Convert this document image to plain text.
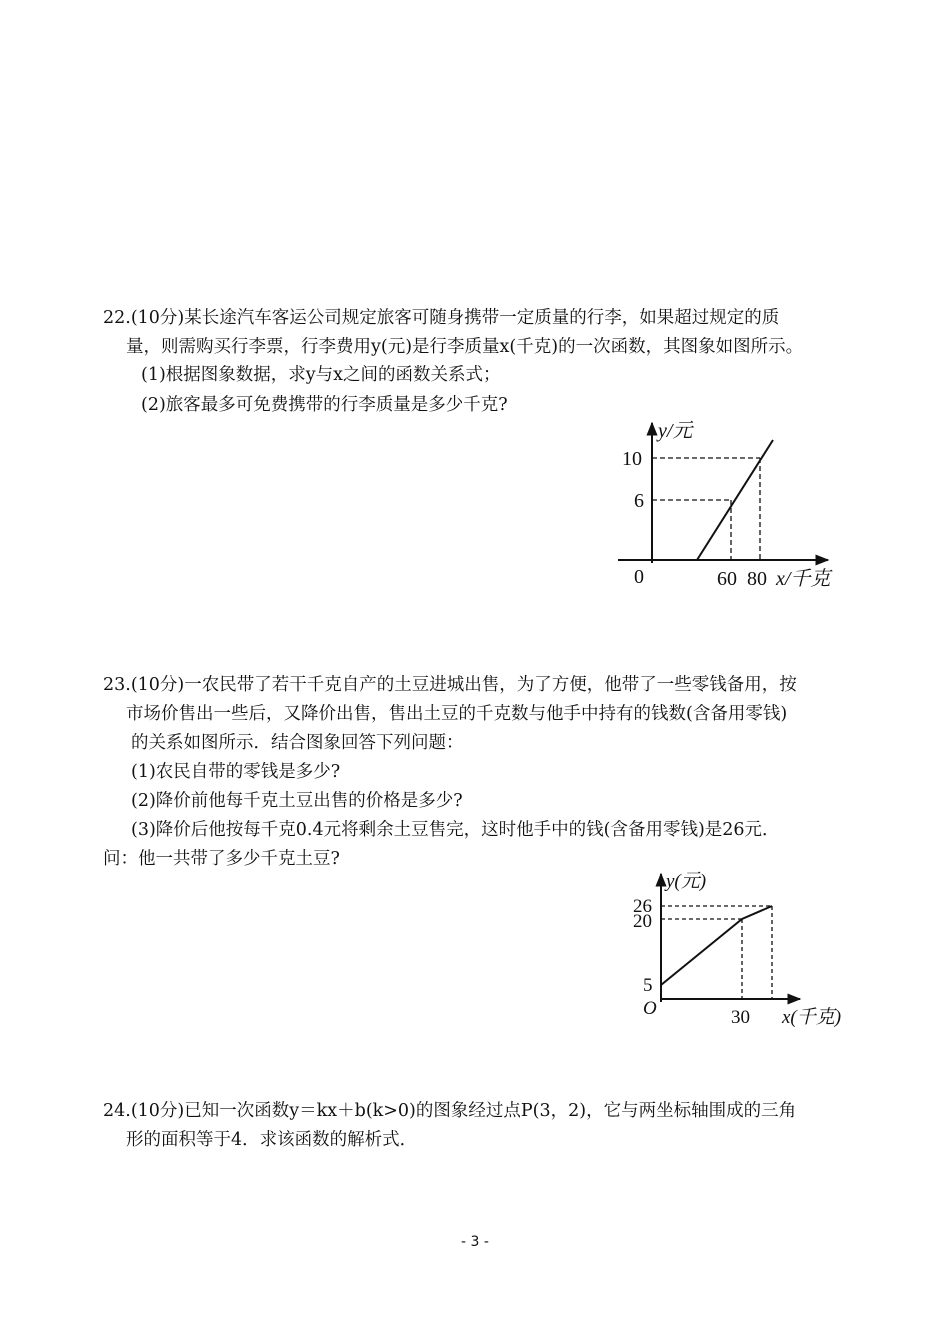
22.(10分)某长途汽车客运公司规定旅客可随身携带一定质量的行李，如果超过规定的质
量，则需购买行李票，行李费用y(元)是行李质量x(千克)的一次函数，其图象如图所示。
(1)根据图象数据，求y与x之间的函数关系式；
(2)旅客最多可免费携带的行李质量是多少千克?
y/元
10
6
0	60 80 x/千克
23.(10分)一农民带了若干千克自产的土豆进城出售，为了方便，他带了一些零钱备用，按
市场价售出一些后，又降价出售，售出土豆的千克数与他手中持有的钱数(含备用零钱)
的关系如图所示．结合图象回答下列问题：
(1)农民自带的零钱是多少?
(2)降价前他每千克土豆出售的价格是多少?
(3)降价后他按每千克0.4元将剩余土豆售完，这时他手中的钱(含备用零钱)是26元．
问：他一共带了多少千克土豆?
y(元)
26
20
5
O	30 x(千克)
24.(10分)已知一次函数y＝kx＋b(k>0)的图象经过点P(3，2)，它与两坐标轴围成的三角
形的面积等于4．求该函数的解析式．
- 3 -
